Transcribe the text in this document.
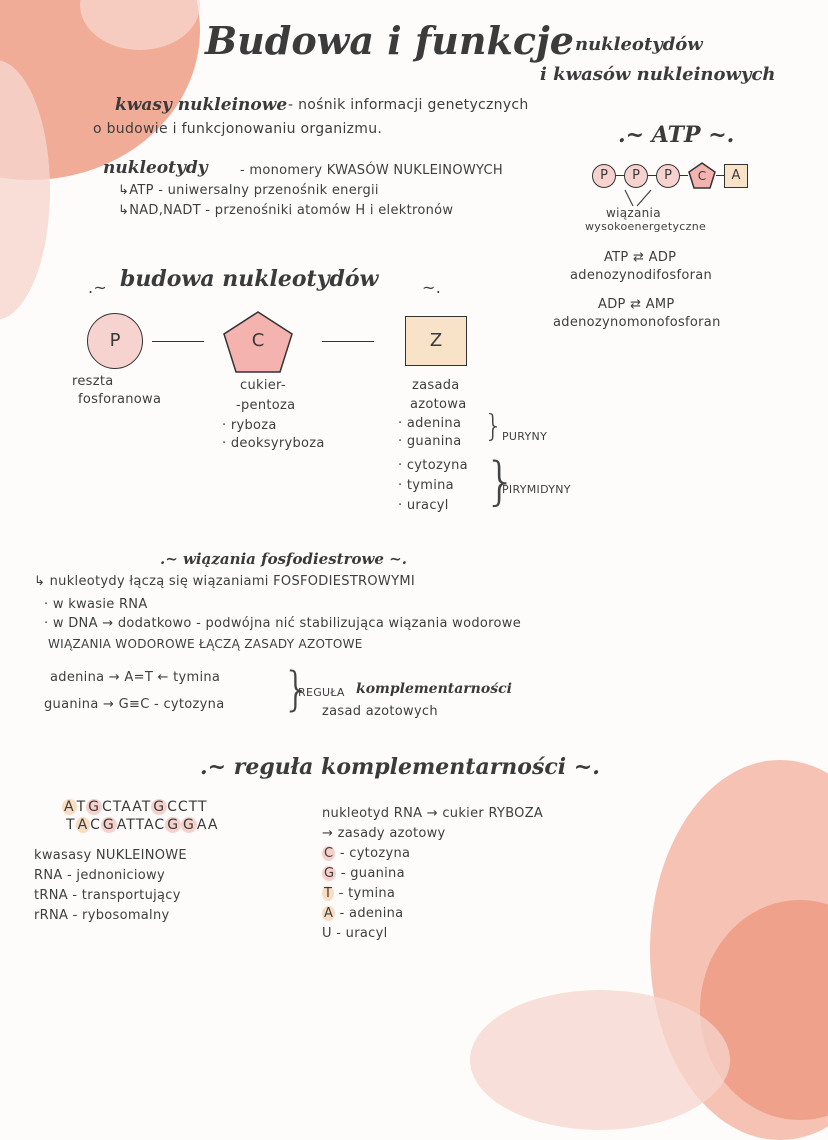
Budowa i funkcje nukleotydów
i kwasów nukleinowych
kwasy nukleinowe - nośnik informacji genetycznych
o budowie i funkcjonowaniu organizmu.
nukleotydy - monomery KWASÓW NUKLEINOWYCH
↳ATP - uniwersalny przenośnik energii
↳NAD,NADT - przenośniki atomów H i elektronów
.~ ATP ~.
P	P	P	C	A
wiązania
wysokoenergetyczne
ATP ⇄ ADP
adenozynodifosforan
ADP ⇄ AMP
adenozynomonofosforan
.~ budowa nukleotydów	~.
P	C	Z
reszta
fosforanowa
cukier-
-pentoza
· ryboza
· deoksyryboza
zasada
azotowa
· adenina
· guanina }
PURYNY
· cytozyna
· tymina
· uracyl }
PIRYMIDYNY
.~ wiązania fosfodiestrowe ~.
↳ nukleotydy łączą się wiązaniami FOSFODIESTROWYMI
· w kwasie RNA
· w DNA → dodatkowo - podwójna nić stabilizująca wiązania wodorowe
WIĄZANIA WODOROWE ŁĄCZĄ ZASADY AZOTOWE
adenina → A=T ← tymina
guanina → G≡C - cytozyna }
REGUŁA komplementarności
zasad azotowych
.~ reguła komplementarności ~.
A T G CTAAT G CCTT
T A C G ATTAC G G AA
kwasasy NUKLEINOWE
RNA - jednoniciowy
tRNA - transportujący
rRNA - rybosomalny
nukleotyd RNA → cukier RYBOZA
→ zasady azotowy
C - cytozyna
G - guanina
T - tymina
A - adenina
U - uracyl
